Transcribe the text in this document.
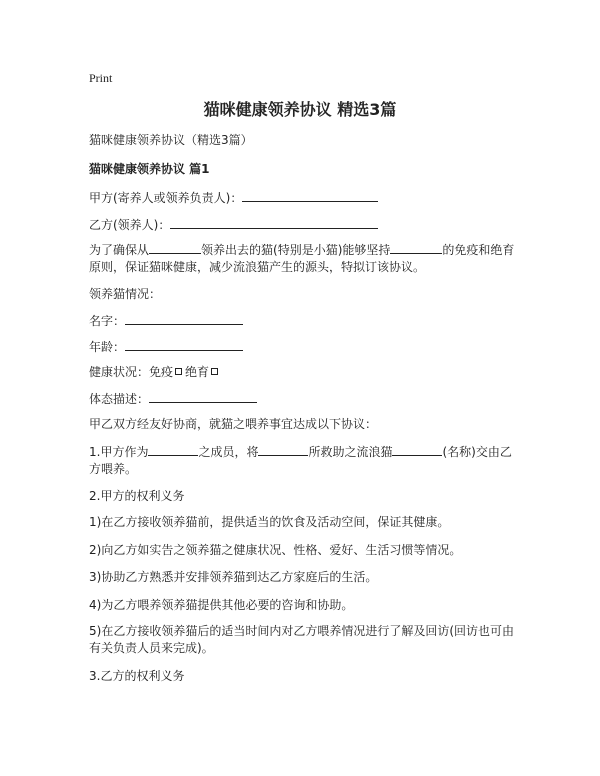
Print

猫咪健康领养协议 精选3篇

猫咪健康领养协议（精选3篇）

猫咪健康领养协议 篇1

甲方(寄养人或领养负责人)：

乙方(领养人)：

为了确保从	领养出去的猫(特别是小猫)能够坚持	的免疫和绝育

原则，保证猫咪健康，减少流浪猫产生的源头，特拟订该协议。

领养猫情况：

名字：

年龄：

健康状况：免疫 绝育

体态描述：

甲乙双方经友好协商，就猫之喂养事宜达成以下协议：

1.甲方作为	之成员，将	所救助之流浪猫	(名称)交由乙

方喂养。

2.甲方的权利义务

1)在乙方接收领养猫前，提供适当的饮食及活动空间，保证其健康。

2)向乙方如实告之领养猫之健康状况、性格、爱好、生活习惯等情况。

3)协助乙方熟悉并安排领养猫到达乙方家庭后的生活。

4)为乙方喂养领养猫提供其他必要的咨询和协助。

5)在乙方接收领养猫后的适当时间内对乙方喂养情况进行了解及回访(回访也可由

有关负责人员来完成)。

3.乙方的权利义务
